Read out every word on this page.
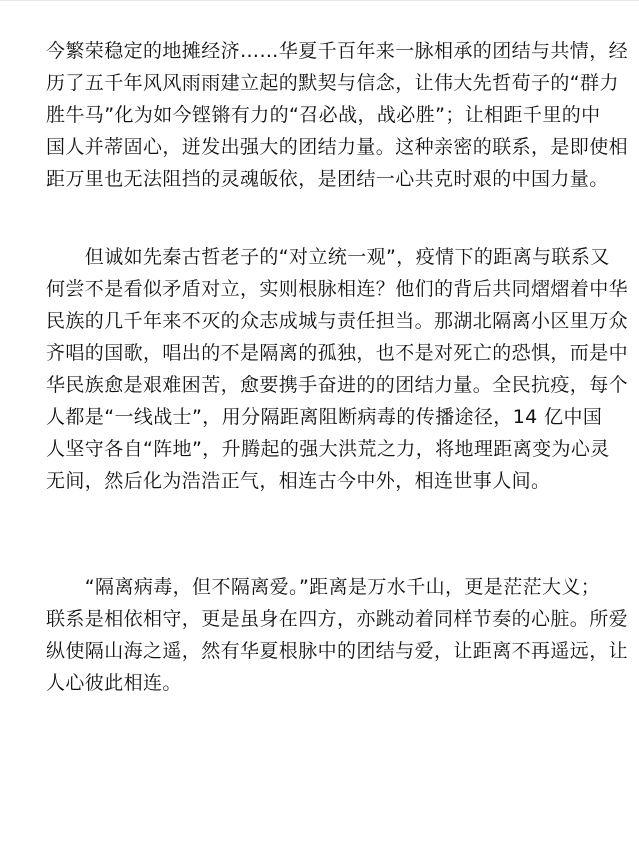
今繁荣稳定的地摊经济……华夏千百年来一脉相承的团结与共情，经
历了五千年风风雨雨建立起的默契与信念，让伟大先哲荀子的“群力
胜牛马”化为如今铿锵有力的“召必战，战必胜”；让相距千里的中
国人并蒂固心，迸发出强大的团结力量。这种亲密的联系，是即使相
距万里也无法阻挡的灵魂皈依，是团结一心共克时艰的中国力量。
　　但诚如先秦古哲老子的“对立统一观”，疫情下的距离与联系又
何尝不是看似矛盾对立，实则根脉相连？他们的背后共同熠熠着中华
民族的几千年来不灭的众志成城与责任担当。那湖北隔离小区里万众
齐唱的国歌，唱出的不是隔离的孤独，也不是对死亡的恐惧，而是中
华民族愈是艰难困苦，愈要携手奋进的的团结力量。全民抗疫，每个
人都是“一线战士”，用分隔距离阻断病毒的传播途径，14 亿中国
人坚守各自“阵地”，升腾起的强大洪荒之力，将地理距离变为心灵
无间，然后化为浩浩正气，相连古今中外，相连世事人间。
　　“隔离病毒，但不隔离爱。”距离是万水千山，更是茫茫大义；
联系是相依相守，更是虽身在四方，亦跳动着同样节奏的心脏。所爱
纵使隔山海之遥，然有华夏根脉中的团结与爱，让距离不再遥远，让
人心彼此相连。
